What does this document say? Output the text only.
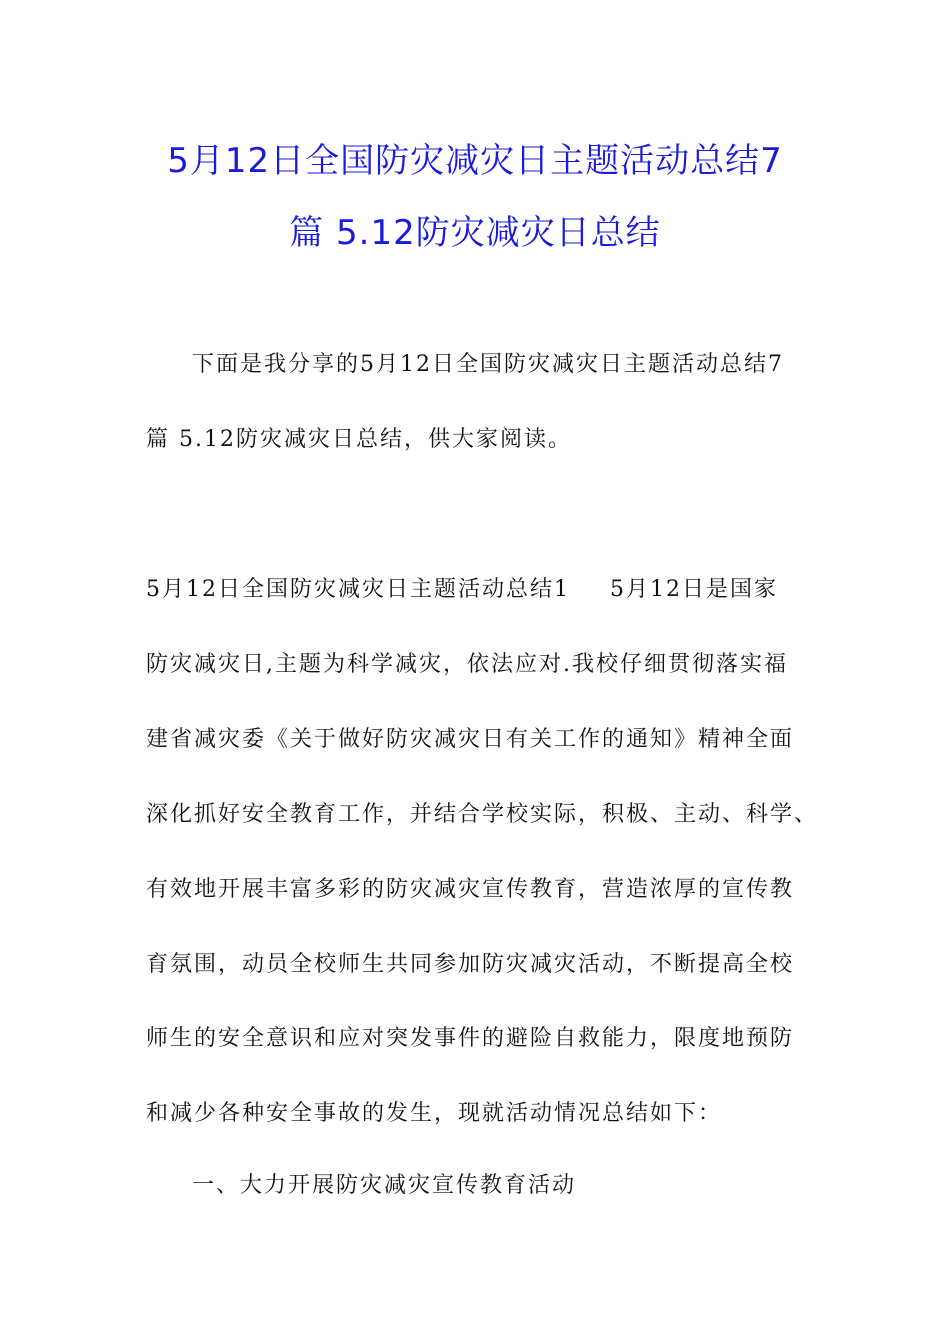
5月12日全国防灾减灾日主题活动总结7
篇 5.12防灾减灾日总结
下面是我分享的5月12日全国防灾减灾日主题活动总结7
篇 5.12防灾减灾日总结，供大家阅读。
5月12日全国防灾减灾日主题活动总结1 5月12日是国家
防灾减灾日,主题为科学减灾，依法应对.我校仔细贯彻落实福
建省减灾委《关于做好防灾减灾日有关工作的通知》精神全面
深化抓好安全教育工作，并结合学校实际，积极、主动、科学、
有效地开展丰富多彩的防灾减灾宣传教育，营造浓厚的宣传教
育氛围，动员全校师生共同参加防灾减灾活动，不断提高全校
师生的安全意识和应对突发事件的避险自救能力，限度地预防
和减少各种安全事故的发生，现就活动情况总结如下：
一、大力开展防灾减灾宣传教育活动
